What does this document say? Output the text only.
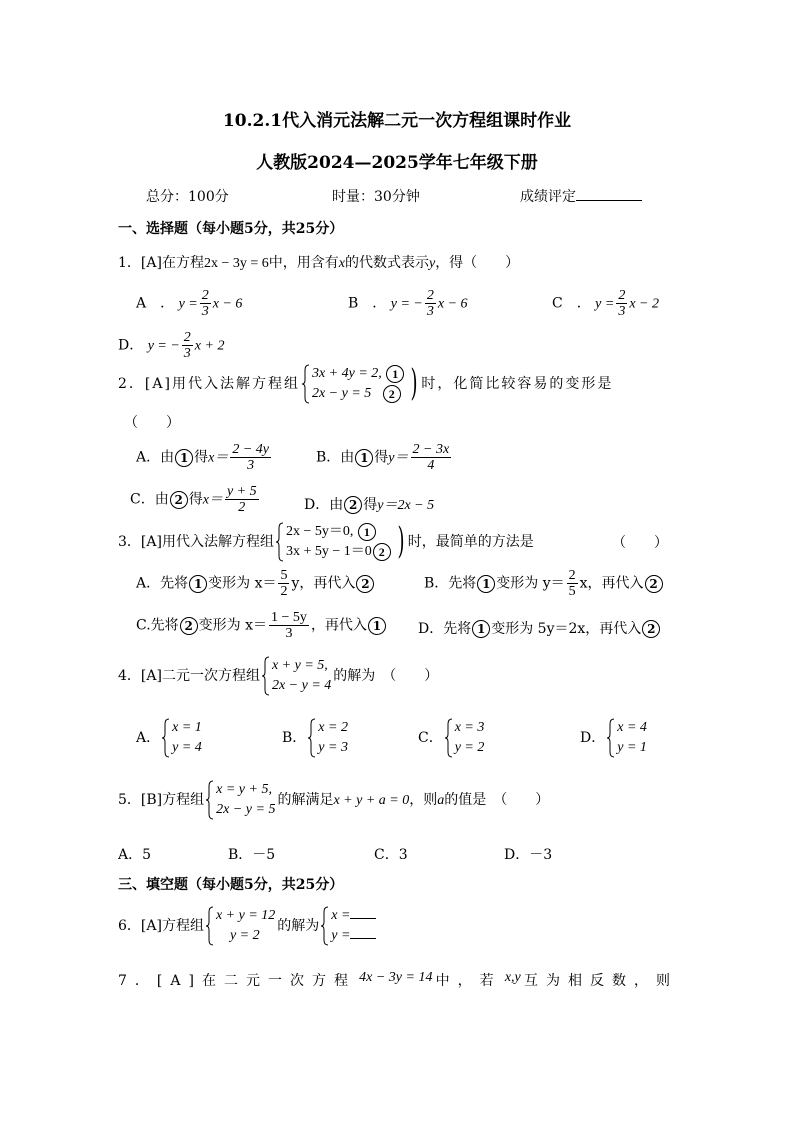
10.2.1代入消元法解二元一次方程组课时作业
人教版2024—2025学年七年级下册
总分：100分	时量：30分钟	成绩评定
一、选择题（每小题5分，共25分）
1．[A]在方程2x − 3y = 6中，用含有x的代数式表示y，得（　　）
A　． $y = \frac{2}{3}$ x − 6	B　． y = − $\frac{2}{3}$ x − 6	C　． $y = \frac{2}{3}$ x − 2
D． y = − $\frac{2}{3}$ x + 2
2．[A]用代入法解方程组
3x + 4y = 2, 1
2x − y = 5 2 ) 时，化简比较容易的变形是
（　　）
A．由 1 得$x= \frac{2 - 4y}{3}$	B．由 1 得$y= \frac{2 - 3x}{4}$
C．由 2 得$x= \frac{y + 5}{2}$	D．由 2 得y＝2x − 5
3．[A]用代入法解方程组
2x − 5y＝0, 1
3x + 5y − 1＝0 2 ) 时，最简单的方法是	（　　）
A．先将 1 变形为 $x= \frac{5}{2}$ y，再代入 2	B．先将 1 变形为 $y= \frac{2}{5}$ x，再代入 2
C.先将 2 变形为 $x= \frac{1 - 5y}{3}$ ，再代入 1	D．先将 1 变形为 5y＝2x，再代入 2
4．[A]二元一次方程组
x + y = 5,
2x − y = 4
的解为　（　　）
A．
x = 1
y = 4
B．
x = 2
y = 3
C．
x = 3
y = 2
D．
x = 4
y = 1
5．[B]方程组
x = y + 5,
2x − y = 5
的解满足x + y + a = 0，则a的值是　（　　）
A．5	B．－5	C．3	D．－3
三、填空题（每小题5分，共25分）
6．[A]方程组
x + y = 12
y = 2
的解为
x =
y =
7．[A]在二元一次方程 4x − 3y = 14 中，若 x,y 互为相反数，则
